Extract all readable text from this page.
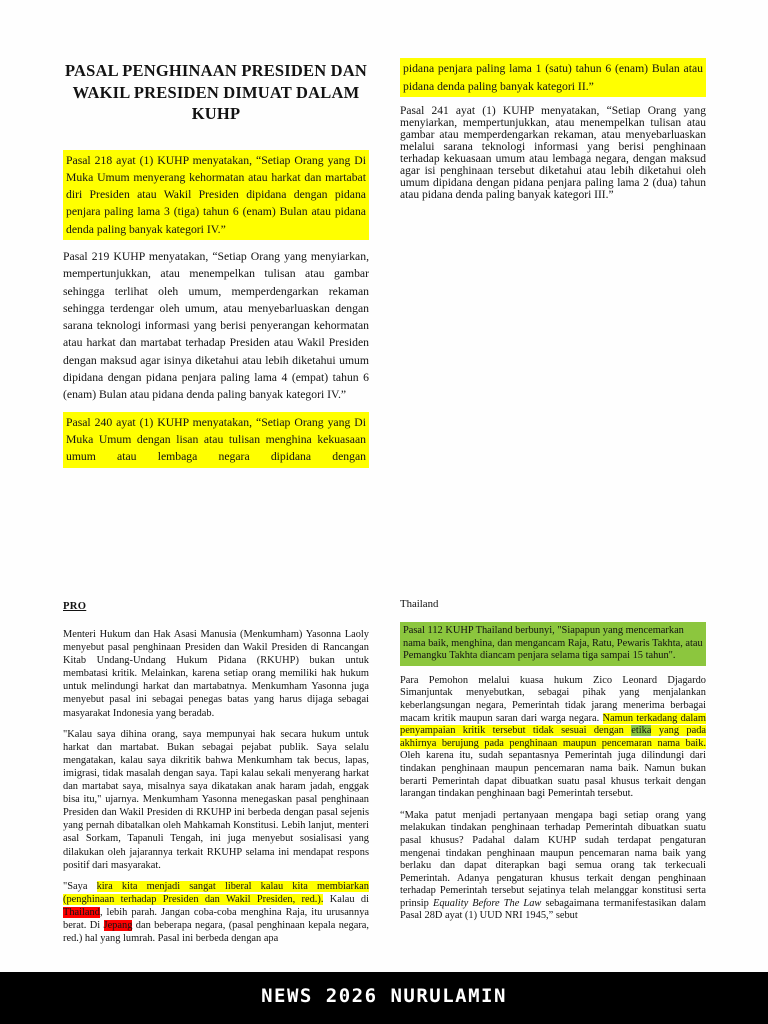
PASAL PENGHINAAN PRESIDEN DAN
WAKIL PRESIDEN DIMUAT DALAM
KUHP

Pasal 218 ayat (1) KUHP menyatakan, “Setiap Orang yang Di Muka Umum menyerang kehormatan atau harkat dan martabat diri Presiden atau Wakil Presiden dipidana dengan pidana penjara paling lama 3 (tiga) tahun 6 (enam) Bulan atau pidana denda paling banyak kategori IV.”

Pasal 219 KUHP menyatakan, “Setiap Orang yang menyiarkan, mempertunjukkan, atau menempelkan tulisan atau gambar sehingga terlihat oleh umum, memperdengarkan rekaman sehingga terdengar oleh umum, atau menyebarluaskan dengan sarana teknologi informasi yang berisi penyerangan kehormatan atau harkat dan martabat terhadap Presiden atau Wakil Presiden dengan maksud agar isinya diketahui atau lebih diketahui umum dipidana dengan pidana penjara paling lama 4 (empat) tahun 6 (enam) Bulan atau pidana denda paling banyak kategori IV.”

Pasal 240 ayat (1) KUHP menyatakan, “Setiap Orang yang Di Muka Umum dengan lisan atau tulisan menghina kekuasaan umum atau lembaga negara dipidana dengan

pidana penjara paling lama 1 (satu) tahun 6 (enam) Bulan atau pidana denda paling banyak kategori II.”

Pasal 241 ayat (1) KUHP menyatakan, “Setiap Orang yang menyiarkan, mempertunjukkan, atau menempelkan tulisan atau gambar atau memperdengarkan rekaman, atau menyebarluaskan melalui sarana teknologi informasi yang berisi penghinaan terhadap kekuasaan umum atau lembaga negara, dengan maksud agar isi penghinaan tersebut diketahui atau lebih diketahui oleh umum dipidana dengan pidana penjara paling lama 2 (dua) tahun atau pidana denda paling banyak kategori III.”

PRO

Menteri Hukum dan Hak Asasi Manusia (Menkumham) Yasonna Laoly menyebut pasal penghinaan Presiden dan Wakil Presiden di Rancangan Kitab Undang-Undang Hukum Pidana (RKUHP) bukan untuk membatasi kritik. Melainkan, karena setiap orang memiliki hak hukum untuk melindungi harkat dan martabatnya. Menkumham Yasonna juga menyebut pasal ini sebagai penegas batas yang harus dijaga sebagai masyarakat Indonesia yang beradab.

"Kalau saya dihina orang, saya mempunyai hak secara hukum untuk harkat dan martabat. Bukan sebagai pejabat publik. Saya selalu mengatakan, kalau saya dikritik bahwa Menkumham tak becus, lapas, imigrasi, tidak masalah dengan saya. Tapi kalau sekali menyerang harkat dan martabat saya, misalnya saya dikatakan anak haram jadah, enggak bisa itu," ujarnya. Menkumham Yasonna menegaskan pasal penghinaan Presiden dan Wakil Presiden di RKUHP ini berbeda dengan pasal sejenis yang pernah dibatalkan oleh Mahkamah Konstitusi. Lebih lanjut, menteri asal Sorkam, Tapanuli Tengah, ini juga menyebut sosialisasi yang dilakukan oleh jajarannya terkait RKUHP selama ini mendapat respons positif dari masyarakat.

"Saya kira kita menjadi sangat liberal kalau kita membiarkan (penghinaan terhadap Presiden dan Wakil Presiden, red.). Kalau di Thailand, lebih parah. Jangan coba-coba menghina Raja, itu urusannya berat. Di Jepang dan beberapa negara, (pasal penghinaan kepala negara, red.) hal yang lumrah. Pasal ini berbeda dengan apa

Thailand

Pasal 112 KUHP Thailand berbunyi, "Siapapun yang mencemarkan nama baik, menghina, dan mengancam Raja, Ratu, Pewaris Takhta, atau Pemangku Takhta diancam penjara selama tiga sampai 15 tahun".

Para Pemohon melalui kuasa hukum Zico Leonard Djagardo Simanjuntak menyebutkan, sebagai pihak yang menjalankan keberlangsungan negara, Pemerintah tidak jarang menerima berbagai macam kritik maupun saran dari warga negara. Namun terkadang dalam penyampaian kritik tersebut tidak sesuai dengan etika yang pada akhirnya berujung pada penghinaan maupun pencemaran nama baik. Oleh karena itu, sudah sepantasnya Pemerintah juga dilindungi dari tindakan penghinaan maupun pencemaran nama baik. Namun bukan berarti Pemerintah dapat dibuatkan suatu pasal khusus terkait dengan larangan tindakan penghinaan bagi Pemerintah tersebut.

“Maka patut menjadi pertanyaan mengapa bagi setiap orang yang melakukan tindakan penghinaan terhadap Pemerintah dibuatkan suatu pasal khusus? Padahal dalam KUHP sudah terdapat pengaturan mengenai tindakan penghinaan maupun pencemaran nama baik yang berlaku dan dapat diterapkan bagi semua orang tak terkecuali Pemerintah. Adanya pengaturan khusus terkait dengan penghinaan terhadap Pemerintah tersebut sejatinya telah melanggar konstitusi serta prinsip Equality Before The Law sebagaimana termanifestasikan dalam Pasal 28D ayat (1) UUD NRI 1945,” sebut

NEWS 2026 NURULAMIN
